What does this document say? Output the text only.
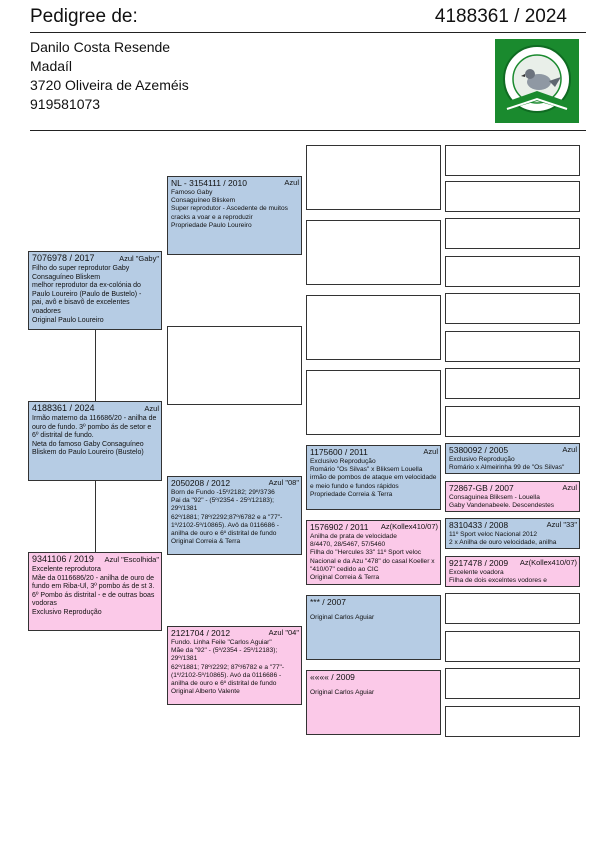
Pedigree de:	4188361 / 2024
Danilo Costa Resende
Madaíl
3720 Oliveira de Azeméis
919581073
4188361 / 2024	Azul
Irmão materno da 116686/20 - anilha de ouro de fundo. 3º pombo ás de setor e 6º distrital de fundo.
Neta do famoso Gaby Consaguíneo Bliskem do Paulo Loureiro (Bustelo)
7076978 / 2017	Azul "Gaby"
Filho do super reprodutor Gaby Consaguíneo Bliskem
melhor reprodutor da ex-colónia do Paulo Loureiro (Paulo de Bustelo) -
pai, avô e bisavô de excelentes voadores
Original Paulo Loureiro
9341106 / 2019 Azul "Escolhida"
Excelente reprodutora
Mãe da 0116686/20 - anilha de ouro de fundo em Riba-Ul, 3º pombo ás de st 3. 6º Pombo ás distrital - e de outras boas vodoras
Exclusivo Reprodução
NL - 3154111 / 2010	Azul
Famoso Gaby
Consaguíneo Bliskem
Super reprodutor - Ascedente de muitos cracks a voar e a reproduzir
Propriedade Paulo Loureiro
2050208 / 2012	Azul "08"
Born de Fundo -15º/2182; 29º/3736
Pai da "92" - (5º/2354 - 25º/12183); 29º/1381
62º/1881; 78º/2292;87º/6782 e a "77"-
1º/2102-5º/10865). Avô da 0116686 - anilha de ouro e 6º distrital de fundo
Original Correia & Terra
2121704 / 2012	Azul "04"
Fundo. Linha Feile "Carlos Aguiar"
Mãe da "92" - (5º/2354 - 25º/12183); 29º/1381
62º/1881; 78º/2292; 87º/6782 e a "77"-
(1º/2102-5º/10865). Avó da 0116686 - anilha de ouro e 6º distrital de fundo
Original Alberto Valente
1175600 / 2011	Azul
Exclusivo Reprodução
Romário "Os Silvas" x Bliksem Louella irmão de pombos de ataque em velocidade e meio fundo e fundos rápidos
Propriedade Correia & Terra
1576902 / 2011 Az(Kollex410/07)
Anilha de prata de velocidade
8/4470, 28/5467, 57/5460
Filha do "Hercules 33" 11º Sport veloc Nacional e da Azu "478" do casal Koeller x "410/07" cedido ao CIC
Original Correia & Terra
*** / 2007
Original Carlos Aguiar
«««« / 2009
Original Carlos Aguiar
5380092 / 2005	Azul
Exclusivo Reprodução
Romário x Almeirinha 99 de "Os Silvas"
72867-GB / 2007	Azul
Consaguinea Bliksem - Louella
Gaby Vandenabeele. Descendestes
8310433 / 2008	Azul "33"
11º Sport veloc Nacional 2012
2 x Anilha de ouro velocidade, anilha
9217478 / 2009 Az(Kollex410/07)
Excelente voadora
Filha de dois excelntes vodores e
